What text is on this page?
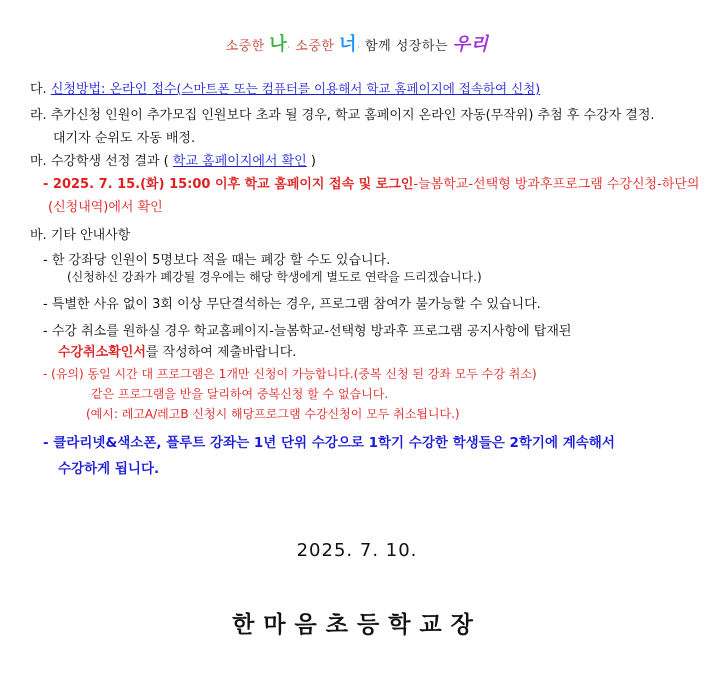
소중한 나· 소중한 너· 함께 성장하는 우리
다. 신청방법: 온라인 접수(스마트폰 또는 컴퓨터를 이용해서 학교 홈페이지에 접속하여 신청)
라. 추가신청 인원이 추가모집 인원보다 초과 될 경우, 학교 홈페이지 온라인 자동(무작위) 추첨 후 수강자 결정.
대기자 순위도 자동 배정.
마. 수강학생 선정 결과 ( 학교 홈페이지에서 확인 )
- 2025. 7. 15.(화) 15:00 이후 학교 홈페이지 접속 및 로그인-늘봄학교-선택형 방과후프로그램 수강신청-하단의
(신청내역)에서 확인
바. 기타 안내사항
- 한 강좌당 인원이 5명보다 적을 때는 폐강 할 수도 있습니다.
(신청하신 강좌가 폐강될 경우에는 해당 학생에게 별도로 연락을 드리겠습니다.)
- 특별한 사유 없이 3회 이상 무단결석하는 경우, 프로그램 참여가 불가능할 수 있습니다.
- 수강 취소를 원하실 경우 학교홈페이지-늘봄학교-선택형 방과후 프로그램 공지사항에 탑재된
수강취소확인서를 작성하여 제출바랍니다.
- (유의) 동일 시간 대 프로그램은 1개만 신청이 가능합니다.(중복 신청 된 강좌 모두 수강 취소)
같은 프로그램을 반을 달리하여 중복신청 할 수 없습니다.
(예시: 레고A/레고B 신청시 해당프로그램 수강신청이 모두 취소됩니다.)
- 클라리넷&색소폰, 플루트 강좌는 1년 단위 수강으로 1학기 수강한 학생들은 2학기에 계속해서
수강하게 됩니다.
2025. 7. 10.
한마음초등학교장
